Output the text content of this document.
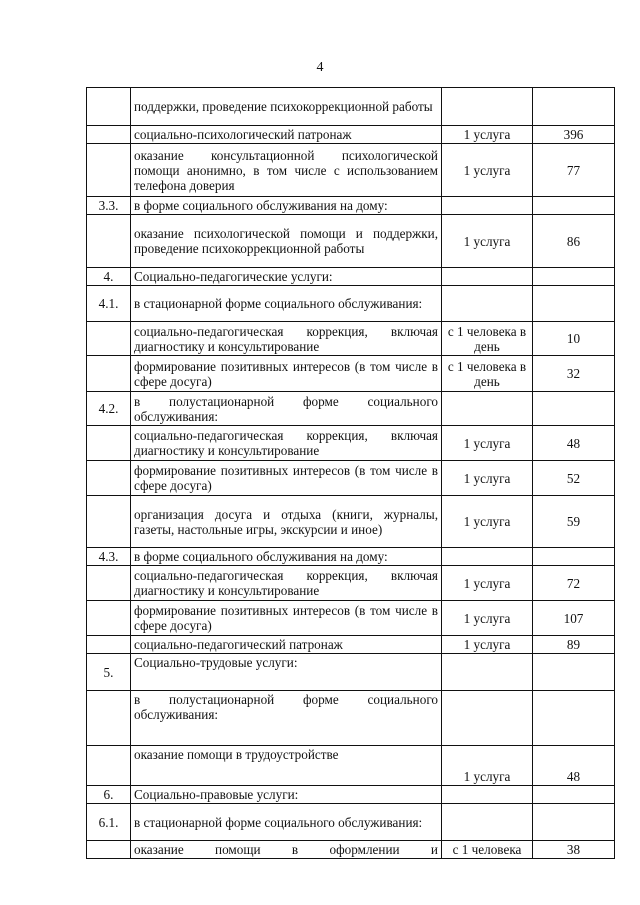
4
	поддержки, проведение психокоррекционной работы		
	социально-психологический патронаж	1 услуга	396
	оказание консультационной психологической помощи анонимно, в том числе с использованием телефона доверия	1 услуга	77
3.3.	в форме социального обслуживания на дому:		
	оказание психологической помощи и поддержки, проведение психокоррекционной работы	1 услуга	86
4.	Социально-педагогические услуги:		
4.1.	в стационарной форме социального обслуживания:		
	социально-педагогическая коррекция, включая диагностику и консультирование	с 1 человека в день	10
	формирование позитивных интересов (в том числе в сфере досуга)	с 1 человека в день	32
4.2.	в полустационарной форме социального обслуживания:		
	социально-педагогическая коррекция, включая диагностику и консультирование	1 услуга	48
	формирование позитивных интересов (в том числе в сфере досуга)	1 услуга	52
	организация досуга и отдыха (книги, журналы, газеты, настольные игры, экскурсии и иное)	1 услуга	59
4.3.	в форме социального обслуживания на дому:		
	социально-педагогическая коррекция, включая диагностику и консультирование	1 услуга	72
	формирование позитивных интересов (в том числе в сфере досуга)	1 услуга	107
	социально-педагогический патронаж	1 услуга	89
5.	Социально-трудовые услуги:		
	в полустационарной форме социального обслуживания:		
	оказание помощи в трудоустройстве	1 услуга	48
6.	Социально-правовые услуги:		
6.1.	в стационарной форме социального обслуживания:		
	оказание помощи в оформлении и	с 1 человека	38
